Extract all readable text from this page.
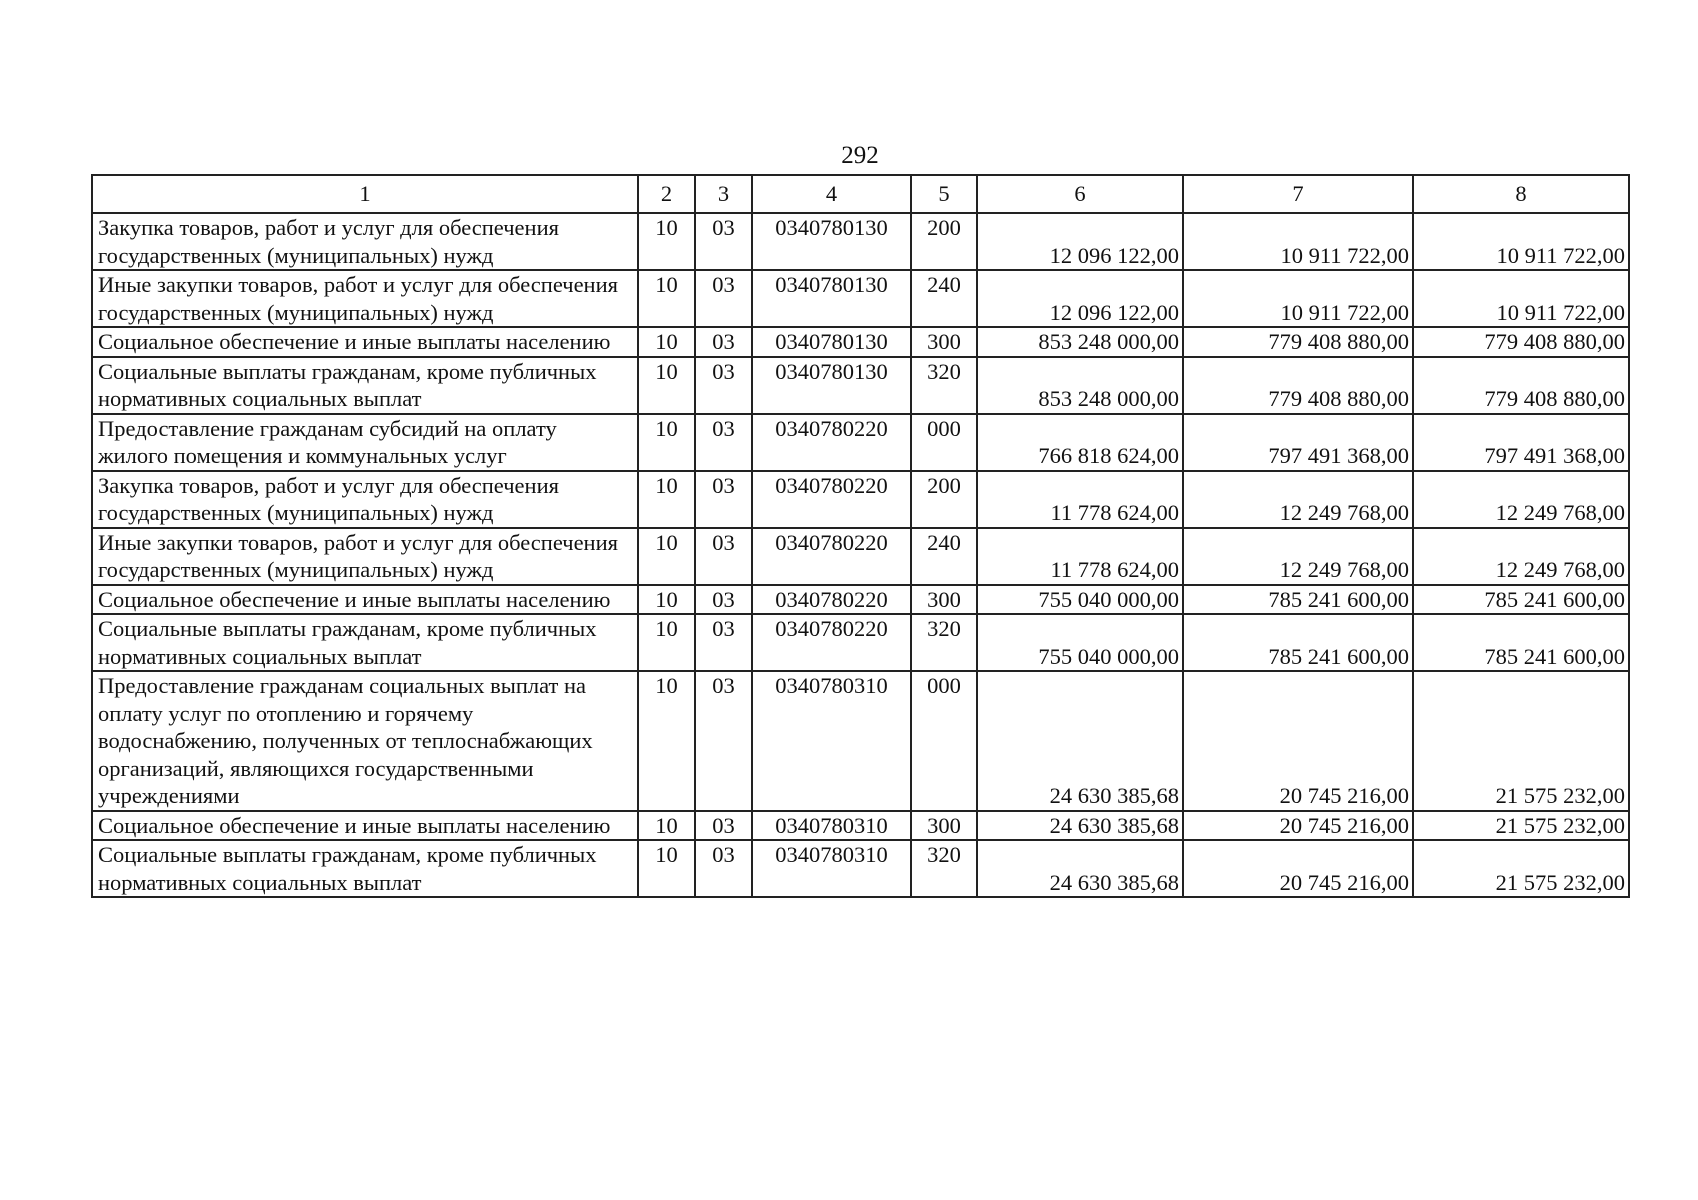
292
1	2	3	4	5	6	7	8
Закупка товаров, работ и услуг для обеспечения государственных (муниципальных) нужд	10	03	0340780130	200	12 096 122,00	10 911 722,00	10 911 722,00
Иные закупки товаров, работ и услуг для обеспечения государственных (муниципальных) нужд	10	03	0340780130	240	12 096 122,00	10 911 722,00	10 911 722,00
Социальное обеспечение и иные выплаты населению	10	03	0340780130	300	853 248 000,00	779 408 880,00	779 408 880,00
Социальные выплаты гражданам, кроме публичных нормативных социальных выплат	10	03	0340780130	320	853 248 000,00	779 408 880,00	779 408 880,00
Предоставление гражданам субсидий на оплату жилого помещения и коммунальных услуг	10	03	0340780220	000	766 818 624,00	797 491 368,00	797 491 368,00
Закупка товаров, работ и услуг для обеспечения государственных (муниципальных) нужд	10	03	0340780220	200	11 778 624,00	12 249 768,00	12 249 768,00
Иные закупки товаров, работ и услуг для обеспечения государственных (муниципальных) нужд	10	03	0340780220	240	11 778 624,00	12 249 768,00	12 249 768,00
Социальное обеспечение и иные выплаты населению	10	03	0340780220	300	755 040 000,00	785 241 600,00	785 241 600,00
Социальные выплаты гражданам, кроме публичных нормативных социальных выплат	10	03	0340780220	320	755 040 000,00	785 241 600,00	785 241 600,00
Предоставление гражданам социальных выплат на оплату услуг по отоплению и горячему водоснабжению, полученных от теплоснабжающих организаций, являющихся государственными учреждениями	10	03	0340780310	000	24 630 385,68	20 745 216,00	21 575 232,00
Социальное обеспечение и иные выплаты населению	10	03	0340780310	300	24 630 385,68	20 745 216,00	21 575 232,00
Социальные выплаты гражданам, кроме публичных нормативных социальных выплат	10	03	0340780310	320	24 630 385,68	20 745 216,00	21 575 232,00
